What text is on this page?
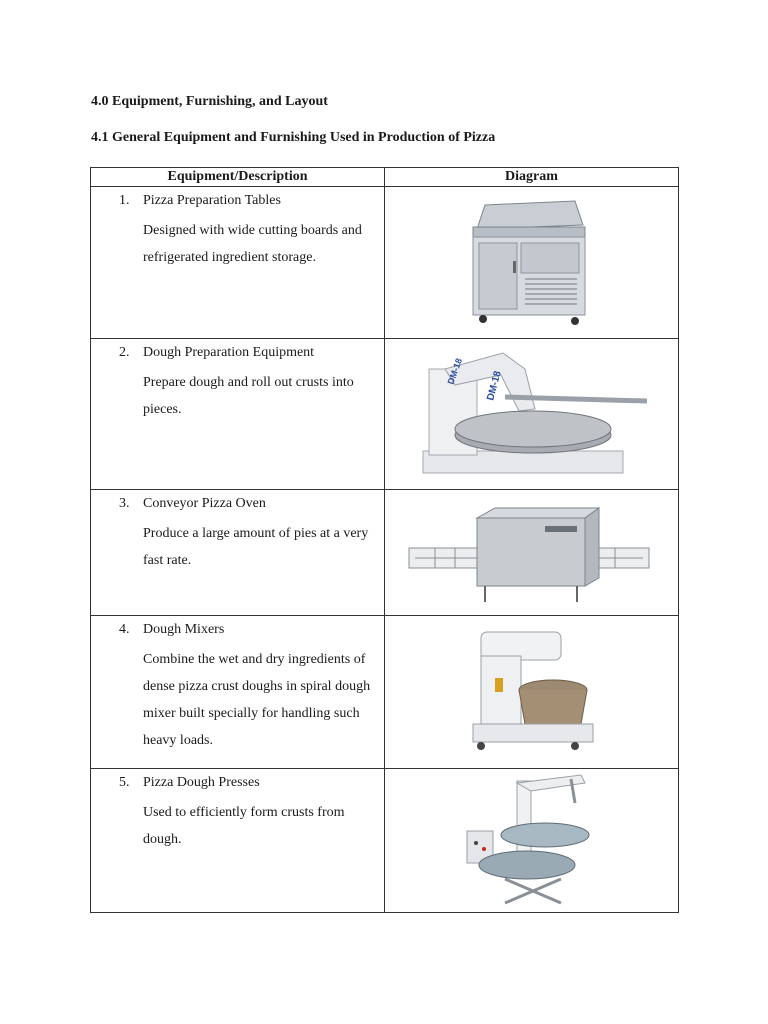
4.0 Equipment, Furnishing, and Layout
4.1 General Equipment and Furnishing Used in Production of Pizza
Equipment/Description	Diagram

1. Pizza Preparation Tables
Designed with wide cutting boards and refrigerated ingredient storage.

2. Dough Preparation Equipment
Prepare dough and roll out crusts into pieces.	DM-18 DM-18

3. Conveyor Pizza Oven
Produce a large amount of pies at a very fast rate.

4. Dough Mixers
Combine the wet and dry ingredients of dense pizza crust doughs in spiral dough mixer built specially for handling such heavy loads.

5. Pizza Dough Presses
Used to efficiently form crusts from dough.
